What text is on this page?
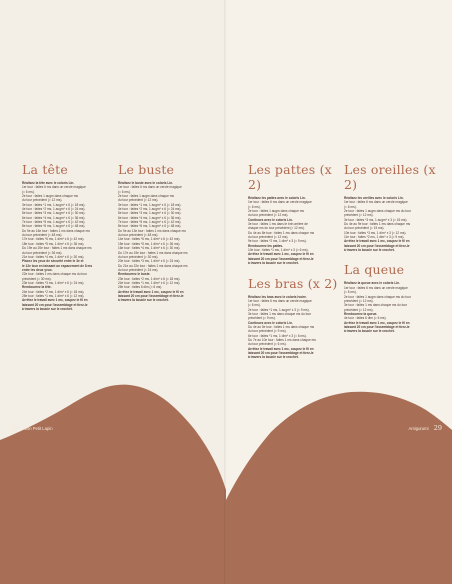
La tête
Réalisez la tête avec le coloris Lin.
1er tour : faites 6 ms dans un cercle magique
(= 6 ms).
2e tour : faites 1 augm dans chaque ms
du tour précédent (= 12 ms).
3e tour : faites *1 ms, 1 augm* x 6 (= 18 ms).
4e tour : faites *2 ms, 1 augm* x 6 (= 24 ms).
5e tour : faites *3 ms, 1 augm* x 6 (= 30 ms).
6e tour : faites *4 ms, 1 augm* x 6 (= 36 ms).
7e tour : faites *5 ms, 1 augm* x 6 (= 42 ms).
8e tour : faites *6 ms, 1 augm* x 6 (= 48 ms).
Du 9e au 16e tour : faites 1 ms dans chaque ms
du tour précédent (= 48 ms).
17e tour : faites *6 ms, 1 dim* x 6 (= 42 ms).
18e tour : faites *5 ms, 1 dim* x 6 (= 36 ms).
Du 19e au 20e tour : faites 1 ms dans chaque ms
du tour précédent (= 36 ms).
21e tour : faites *4 ms, 1 dim* x 6 (= 30 ms).
Placez les yeux de sécurité entre le 3e et
le 12e tour en laissant un espacement de 8 ms
entre les deux yeux.
22e tour : faites 1 ms dans chaque ms du tour
précédent (= 30 ms).
23e tour : faites *3 ms, 1 dim* x 6 (= 24 ms).
Rembourrez la tête.
24e tour : faites *2 ms, 1 dim* x 6 (= 18 ms).
25e tour : faites *1 ms, 1 dim* x 6 (= 12 ms).
Arrêtez le travail avec 1 mc, coupez le fil en
laissant 20 cm pour l’assemblage et tirez-le
à travers la boucle sur le crochet.
Le buste
Réalisez le buste avec le coloris Lin.
1er tour : faites 6 ms dans un cercle magique
(= 6 ms).
2e tour : faites 1 augm dans chaque ms
du tour précédent (= 12 ms).
3e tour : faites *1 ms, 1 augm* x 6 (= 18 ms).
4e tour : faites *2 ms, 1 augm* x 6 (= 24 ms).
5e tour : faites *3 ms, 1 augm* x 6 (= 30 ms).
6e tour : faites *4 ms, 1 augm* x 6 (= 36 ms).
7e tour : faites *5 ms, 1 augm* x 6 (= 42 ms).
8e tour : faites *6 ms, 1 augm* x 6 (= 48 ms).
Du 9e au 13e tour : faites 1 ms dans chaque ms
du tour précédent (= 48 ms).
14e tour : faites *6 ms, 1 dim* x 6 (= 42 ms).
15e tour : faites *5 ms, 1 dim* x 6 (= 36 ms).
16e tour : faites *4 ms, 1 dim* x 6 (= 30 ms).
Du 17e au 19e tour : faites 1 ms dans chaque ms
du tour précédent (= 30 ms).
20e tour : faites *3 ms, 1 dim* x 6 (= 24 ms).
Du 21e au 22e tour : faites 1 ms dans chaque ms
du tour précédent (= 24 ms).
Rembourrez le buste.
23e tour : faites *2 ms, 1 dim* x 6 (= 18 ms).
24e tour : faites *1 ms, 1 dim* x 6 (= 12 ms).
25e tour : faites 6 dim (= 6 ms).
Arrêtez le travail avec 1 mc, coupez le fil en
laissant 20 cm pour l’assemblage et tirez-le
à travers la boucle sur le crochet.
28 Mon Petit Lapin
Les pattes (x 2)
Réalisez les pattes avec le coloris Lin.
1er tour : faites 6 ms dans un cercle magique
(= 6 ms).
2e tour : faites 1 augm dans chaque ms
du tour précédent (= 12 ms).
Continuez avec le coloris Lin.
3e tour : faites 1 ms dans le brin arrière de
chaque ms du tour précédent (= 12 ms).
Du 4e au 8e tour : faites 1 ms dans chaque ms
du tour précédent (= 12 ms).
9e tour : faites *2 ms, 1 dim* x 3 (= 9 ms).
Rembourrez les pattes.
10e tour : faites *1 ms, 1 dim* x 3 (= 6 ms).
Arrêtez le travail avec 1 mc, coupez le fil en
laissant 20 cm pour l’assemblage et tirez-le
à travers la boucle sur le crochet.
Les bras (x 2)
Réalisez les bras avec le coloris Ivoire.
1er tour : faites 6 ms dans un cercle magique
(= 6 ms).
2e tour : faites *1 ms, 1 augm* x 3 (= 9 ms).
3e tour : faites 1 ms dans chaque ms du tour
précédent (= 9 ms).
Continuez avec le coloris Lin.
Du 4e au 5e tour : faites 1 ms dans chaque ms
du tour précédent (= 9 ms).
6e tour : faites *1 ms, 1 dim* x 3 (= 6 ms).
Du 7e au 10e tour : faites 1 ms dans chaque ms
du tour précédent (= 6 ms).
Arrêtez le travail avec 1 mc, coupez le fil en
laissant 20 cm pour l’assemblage et tirez-le
à travers la boucle sur le crochet.
Les oreilles (x 2)
Réalisez les oreilles avec le coloris Lin.
1er tour : faites 6 ms dans un cercle magique
(= 6 ms).
2e tour : faites 1 augm dans chaque ms du tour
précédent (= 12 ms).
3e tour : faites *3 ms, 1 augm* x 3 (= 15 ms).
Du 4e au 9e tour : faites 1 ms dans chaque ms
du tour précédent (= 15 ms).
10e tour : faites *3 ms, 1 dim* x 3 (= 12 ms).
11e tour : faites *2 ms, 1 dim* x 3 (= 9 ms).
Arrêtez le travail avec 1 mc, coupez le fil en
laissant 20 cm pour l’assemblage et tirez-le
à travers la boucle sur le crochet.
La queue
Réalisez la queue avec le coloris Lin.
1er tour : faites 6 ms dans un cercle magique
(= 6 ms).
2e tour : faites 1 augm dans chaque ms du tour
précédent (= 12 ms).
3e tour : faites 1 ms dans chaque ms du tour
précédent (= 12 ms).
Rembourrez la queue.
4e tour : faites 6 dim (= 6 ms).
Arrêtez le travail avec 1 mc, coupez le fil en
laissant 20 cm pour l’assemblage et tirez-le
à travers la boucle sur le crochet.
Amigurumi 29
